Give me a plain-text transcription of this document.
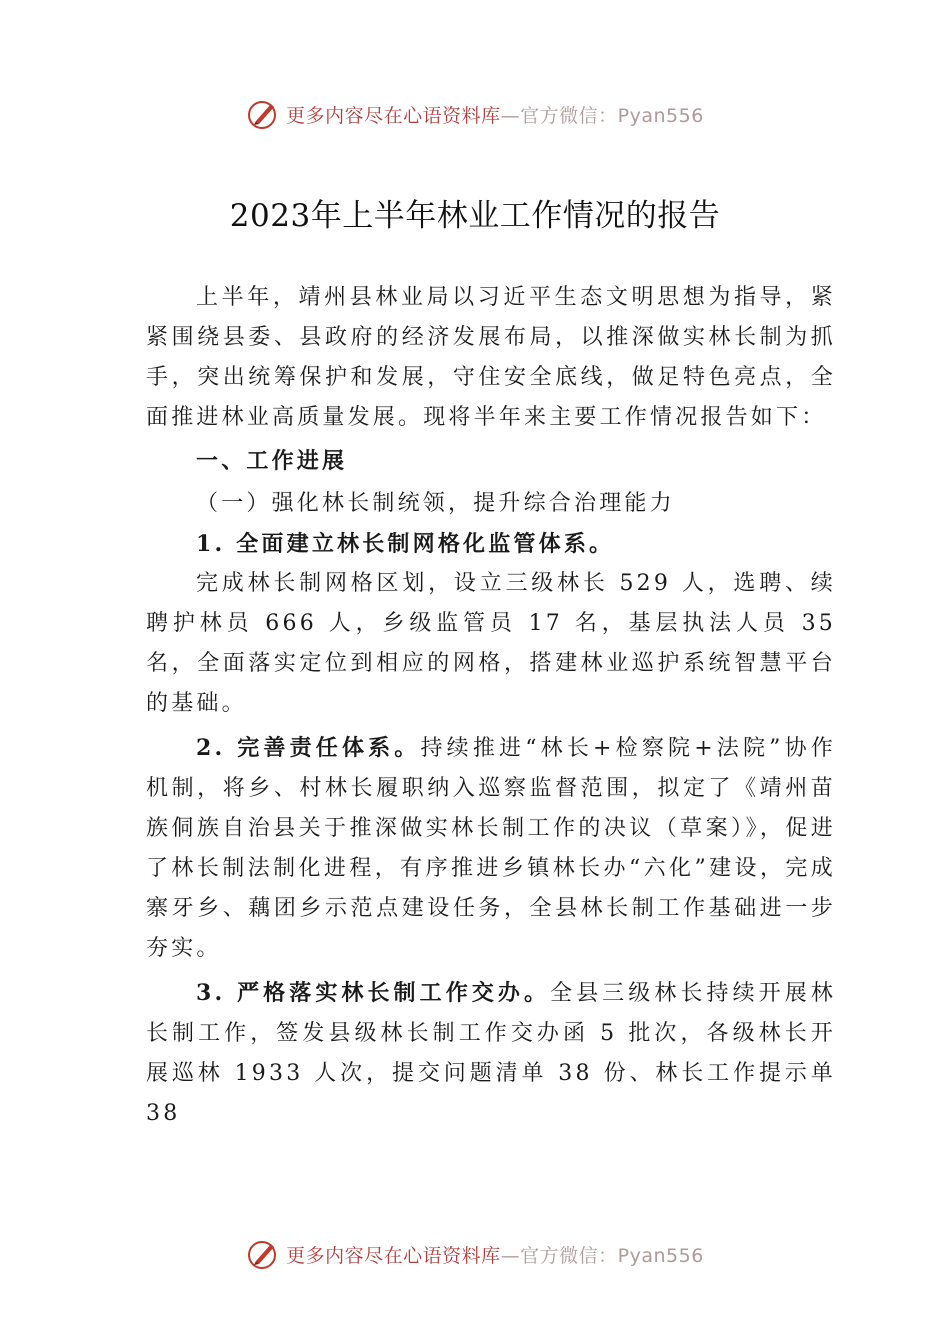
更多内容尽在心语资料库—官方微信：Pyan556
2023年上半年林业工作情况的报告

上半年，靖州县林业局以习近平生态文明思想为指导，紧紧围绕县委、县政府的经济发展布局，以推深做实林长制为抓手，突出统筹保护和发展，守住安全底线，做足特色亮点，全面推进林业高质量发展。现将半年来主要工作情况报告如下：

一、工作进展

（一）强化林长制统领，提升综合治理能力

1. 全面建立林长制网格化监管体系。

完成林长制网格区划，设立三级林长 529 人，选聘、续聘护林员 666 人，乡级监管员 17 名，基层执法人员 35 名，全面落实定位到相应的网格，搭建林业巡护系统智慧平台的基础。

2. 完善责任体系。持续推进“林长+检察院+法院”协作机制，将乡、村林长履职纳入巡察监督范围，拟定了《靖州苗族侗族自治县关于推深做实林长制工作的决议（草案）》，促进了林长制法制化进程，有序推进乡镇林长办“六化”建设，完成寨牙乡、藕团乡示范点建设任务，全县林长制工作基础进一步夯实。

3. 严格落实林长制工作交办。全县三级林长持续开展林长制工作，签发县级林长制工作交办函 5 批次，各级林长开展巡林 1933 人次，提交问题清单 38 份、林长工作提示单 38

更多内容尽在心语资料库—官方微信：Pyan556
